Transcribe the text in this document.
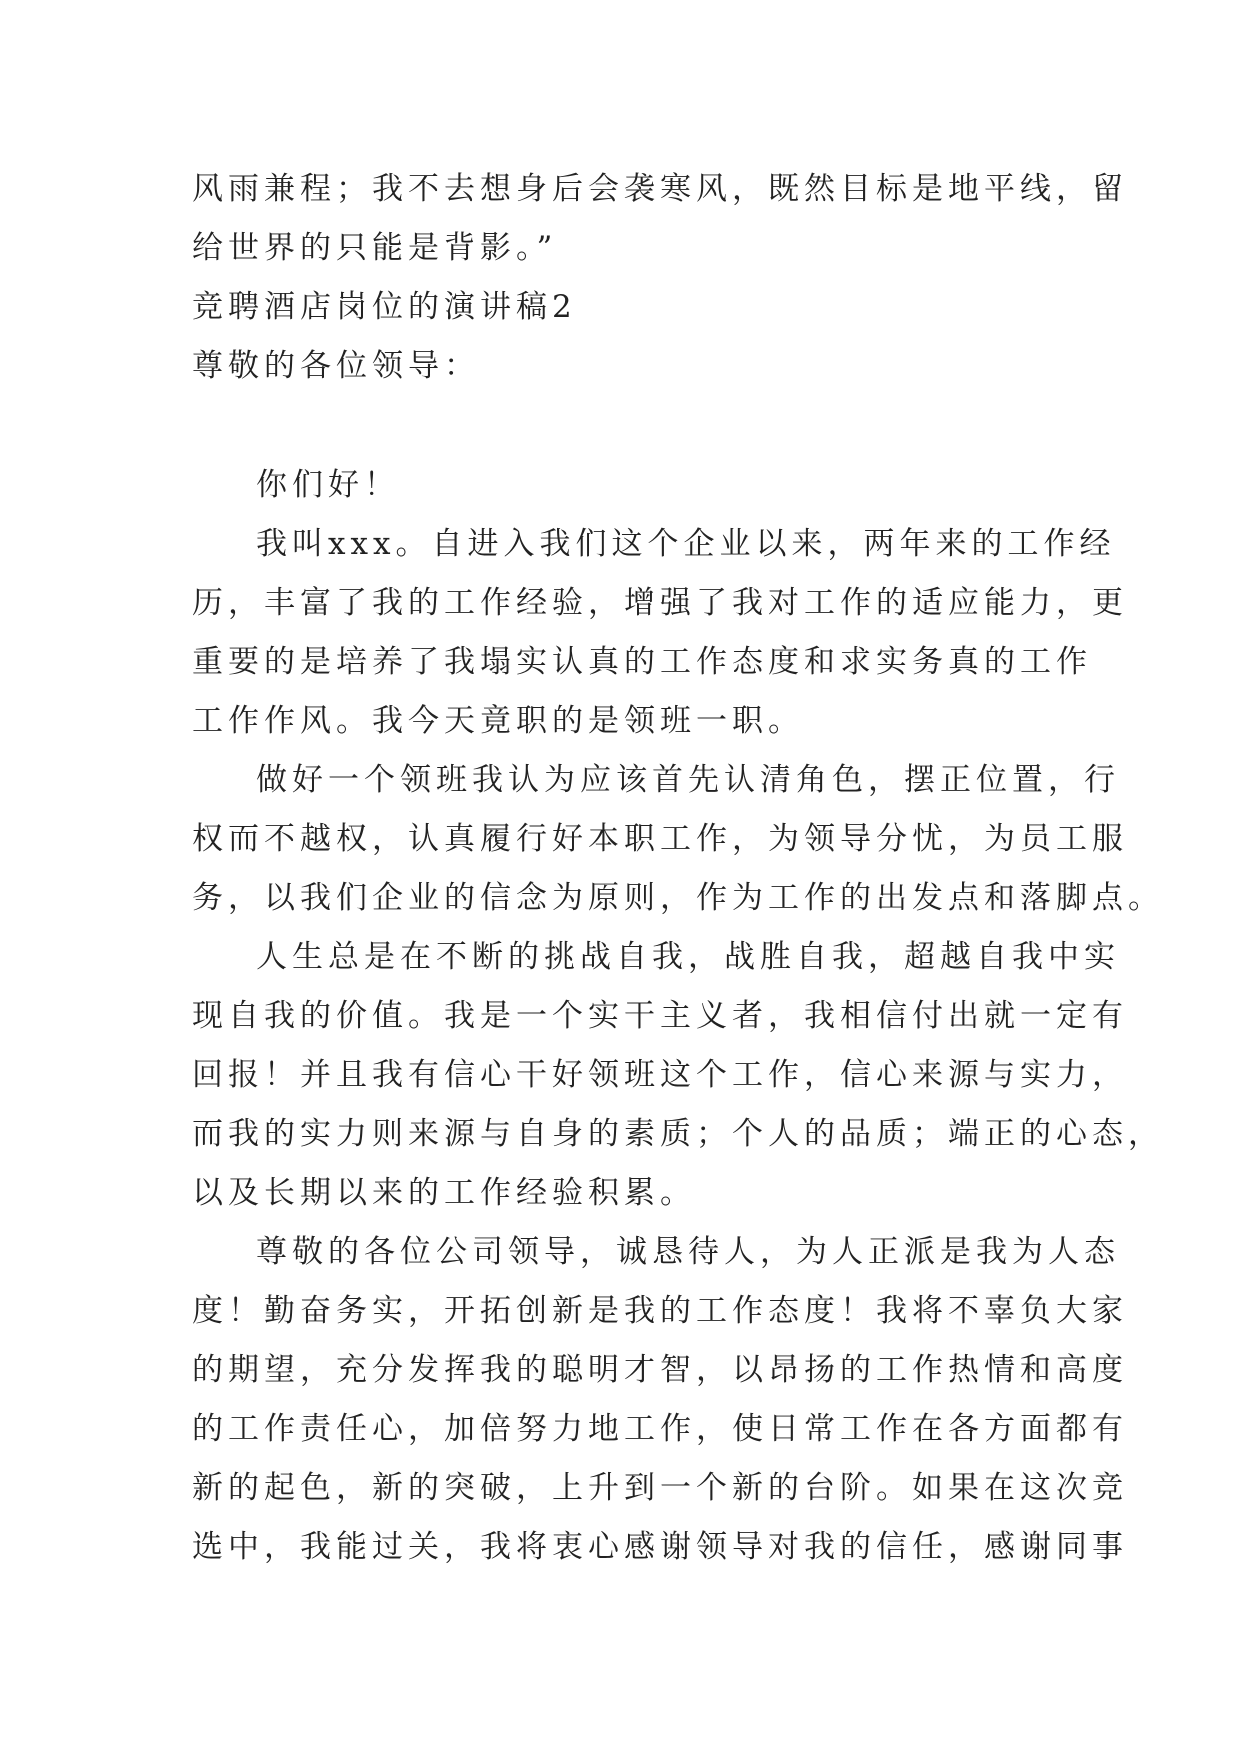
风雨兼程；我不去想身后会袭寒风，既然目标是地平线，留
给世界的只能是背影。”
竞聘酒店岗位的演讲稿2
尊敬的各位领导：
你们好！
我叫xxx。自进入我们这个企业以来，两年来的工作经
历，丰富了我的工作经验，增强了我对工作的适应能力，更
重要的是培养了我塌实认真的工作态度和求实务真的工作
工作作风。我今天竟职的是领班一职。
做好一个领班我认为应该首先认清角色，摆正位置，行
权而不越权，认真履行好本职工作，为领导分忧，为员工服
务，以我们企业的信念为原则，作为工作的出发点和落脚点。
人生总是在不断的挑战自我，战胜自我，超越自我中实
现自我的价值。我是一个实干主义者，我相信付出就一定有
回报！并且我有信心干好领班这个工作，信心来源与实力，
而我的实力则来源与自身的素质；个人的品质；端正的心态，
以及长期以来的工作经验积累。
尊敬的各位公司领导，诚恳待人，为人正派是我为人态
度！勤奋务实，开拓创新是我的工作态度！我将不辜负大家
的期望，充分发挥我的聪明才智，以昂扬的工作热情和高度
的工作责任心，加倍努力地工作，使日常工作在各方面都有
新的起色，新的突破，上升到一个新的台阶。如果在这次竞
选中，我能过关，我将衷心感谢领导对我的信任，感谢同事
